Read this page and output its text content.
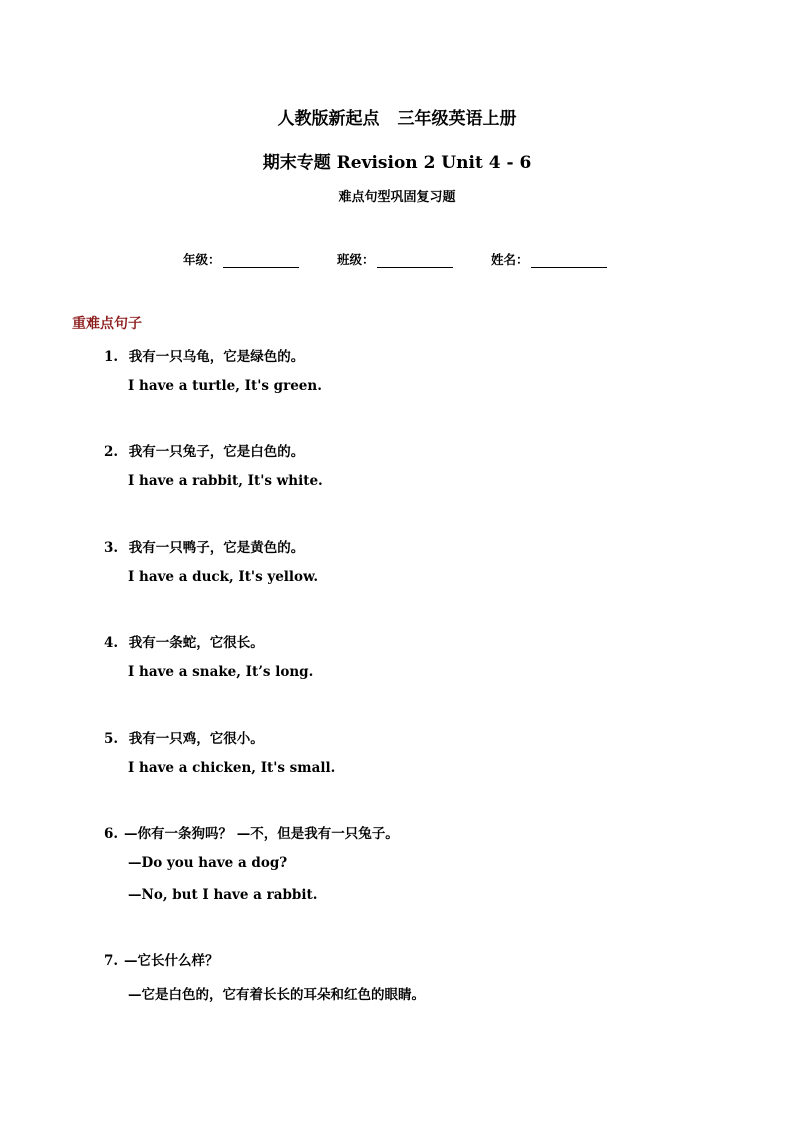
人教版新起点 三年级英语上册
期末专题 Revision 2 Unit 4 - 6
难点句型巩固复习题
年级：	班级：	姓名：
重难点句子
1. 我有一只乌龟，它是绿色的。
I have a turtle, It's green.
2. 我有一只兔子，它是白色的。
I have a rabbit, It's white.
3. 我有一只鸭子，它是黄色的。
I have a duck, It's yellow.
4. 我有一条蛇，它很长。
I have a snake, It’s long.
5. 我有一只鸡，它很小。
I have a chicken, It's small.
6. —你有一条狗吗？ —不，但是我有一只兔子。
—Do you have a dog?
—No, but I have a rabbit.
7. —它长什么样？
—它是白色的，它有着长长的耳朵和红色的眼睛。
